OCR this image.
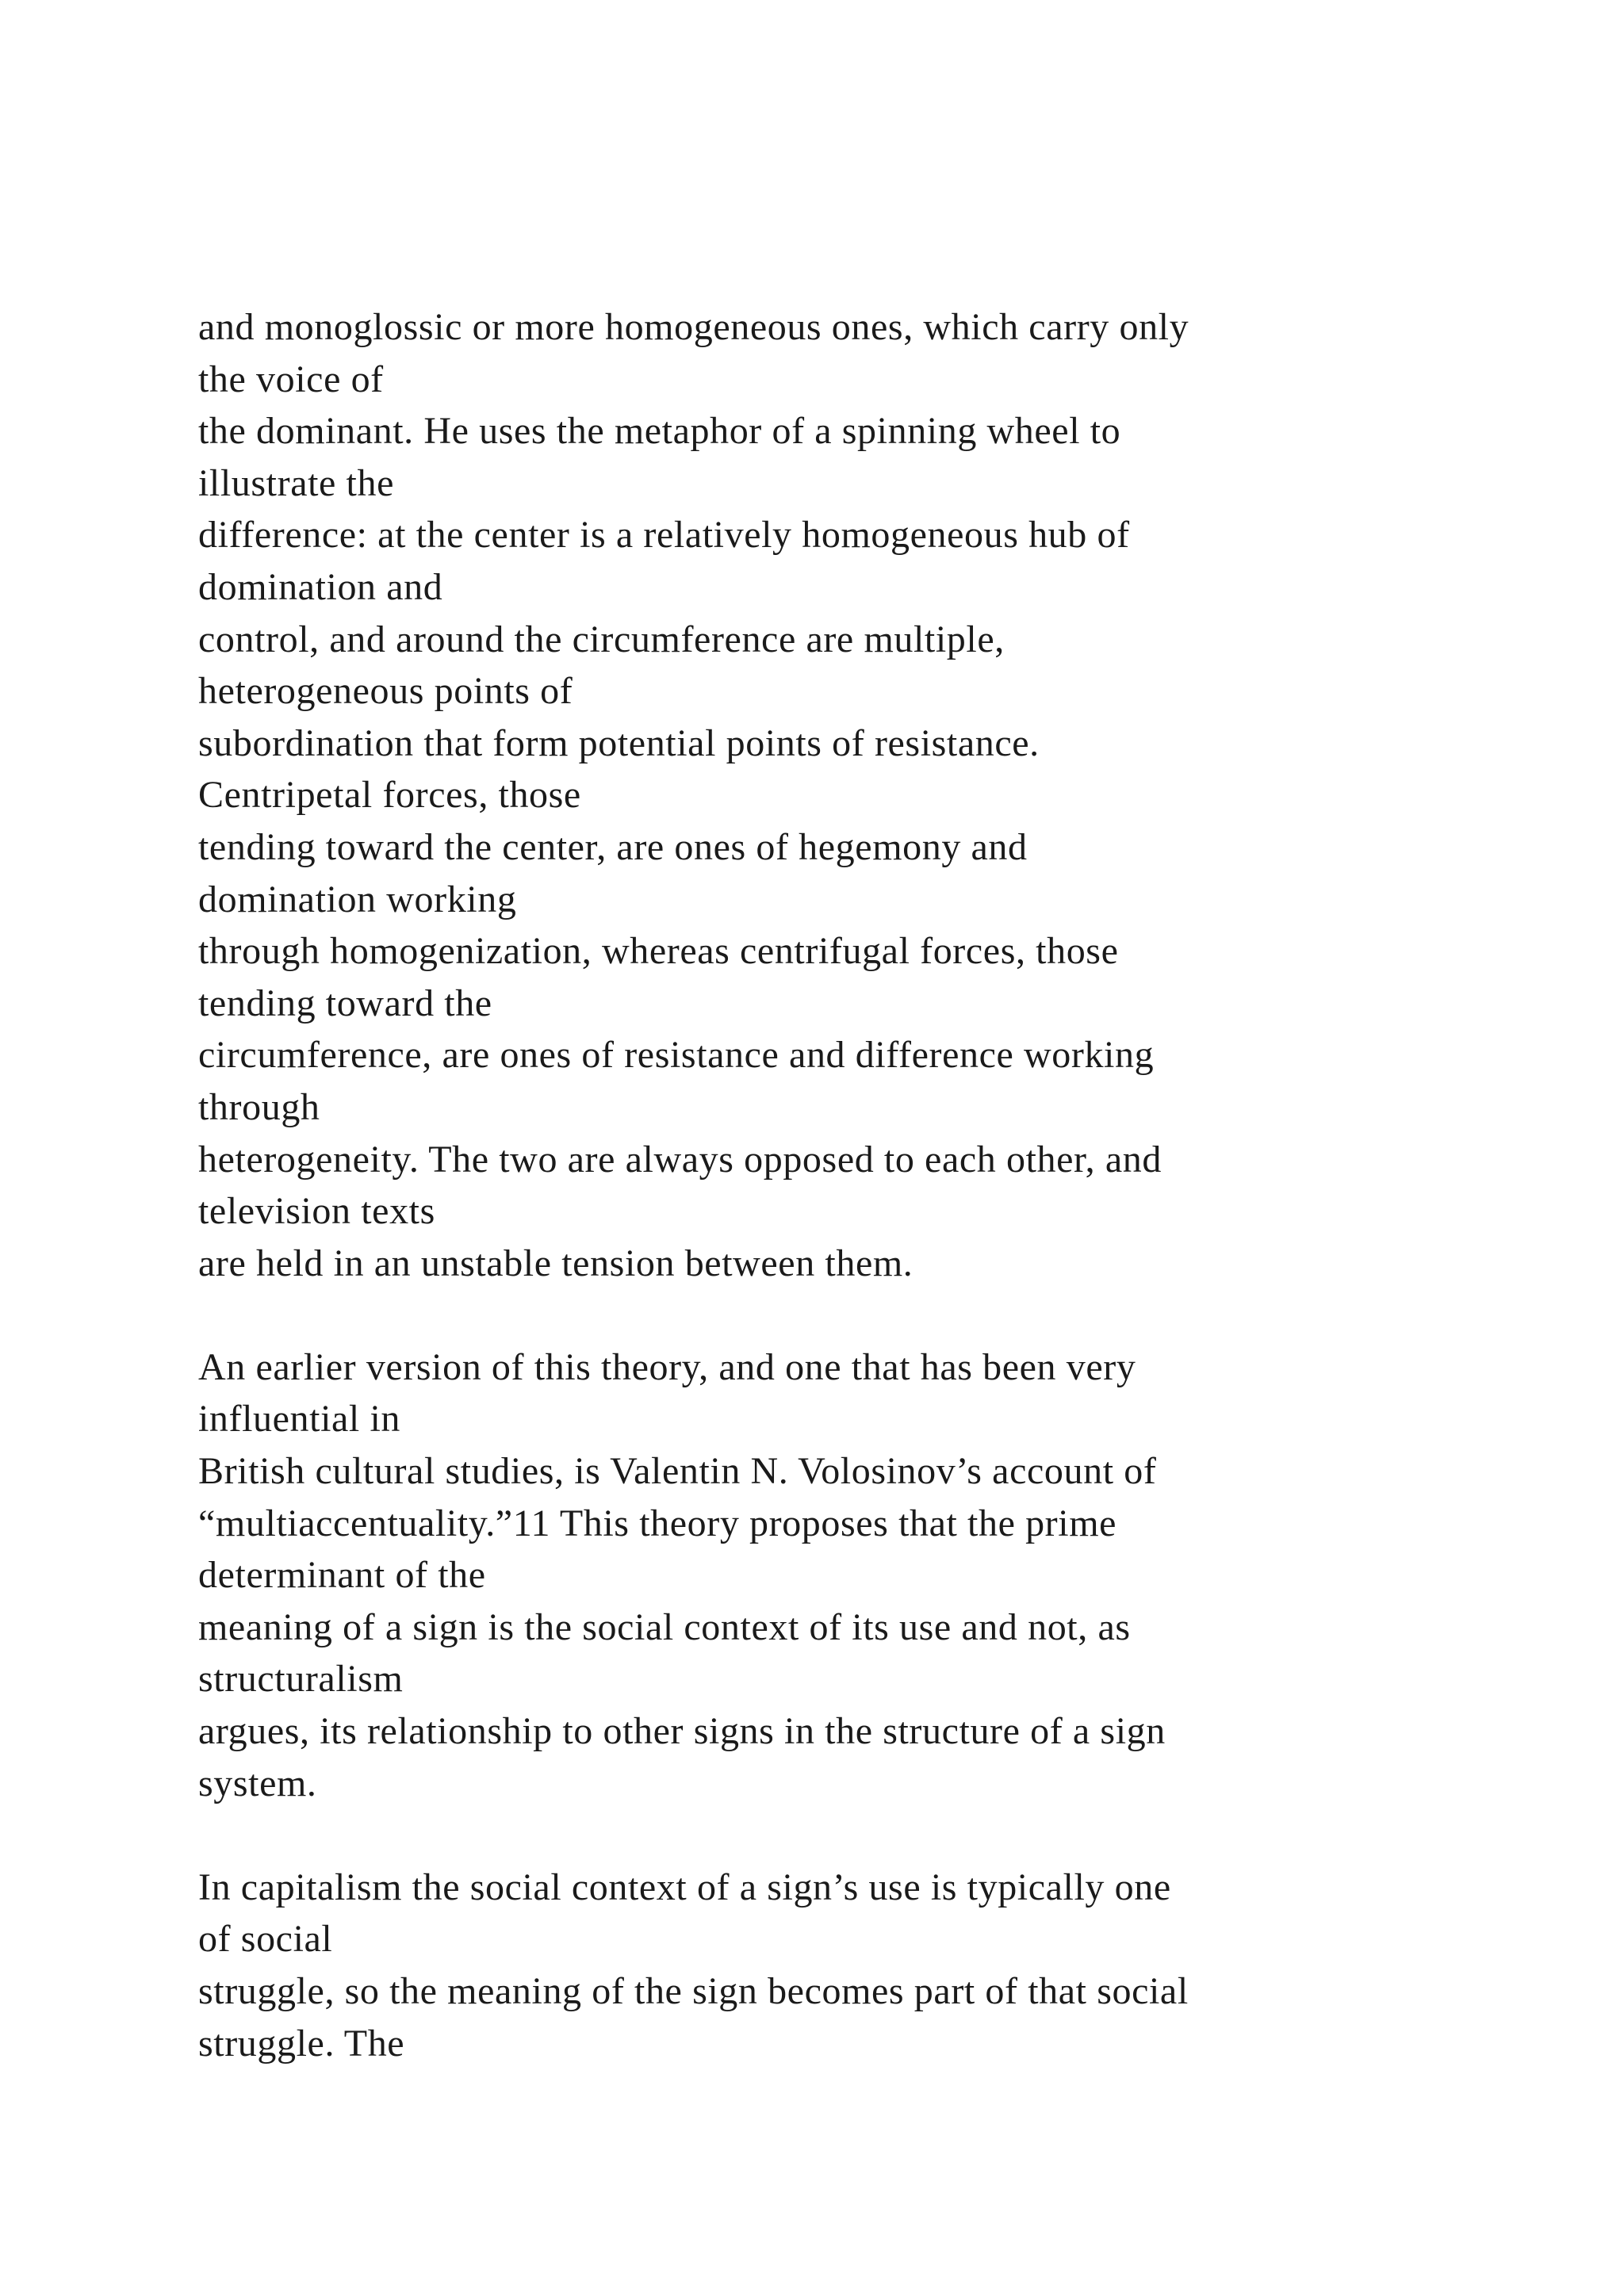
and monoglossic or more homogeneous ones, which carry only
the voice of
the dominant. He uses the metaphor of a spinning wheel to
illustrate the
difference: at the center is a relatively homogeneous hub of
domination and
control, and around the circumference are multiple,
heterogeneous points of
subordination that form potential points of resistance.
Centripetal forces, those
tending toward the center, are ones of hegemony and
domination working
through homogenization, whereas centrifugal forces, those
tending toward the
circumference, are ones of resistance and difference working
through
heterogeneity. The two are always opposed to each other, and
television texts
are held in an unstable tension between them.
An earlier version of this theory, and one that has been very
influential in
British cultural studies, is Valentin N. Volosinov’s account of
“multiaccentuality.”11 This theory proposes that the prime
determinant of the
meaning of a sign is the social context of its use and not, as
structuralism
argues, its relationship to other signs in the structure of a sign
system.
In capitalism the social context of a sign’s use is typically one
of social
struggle, so the meaning of the sign becomes part of that social
struggle. The
